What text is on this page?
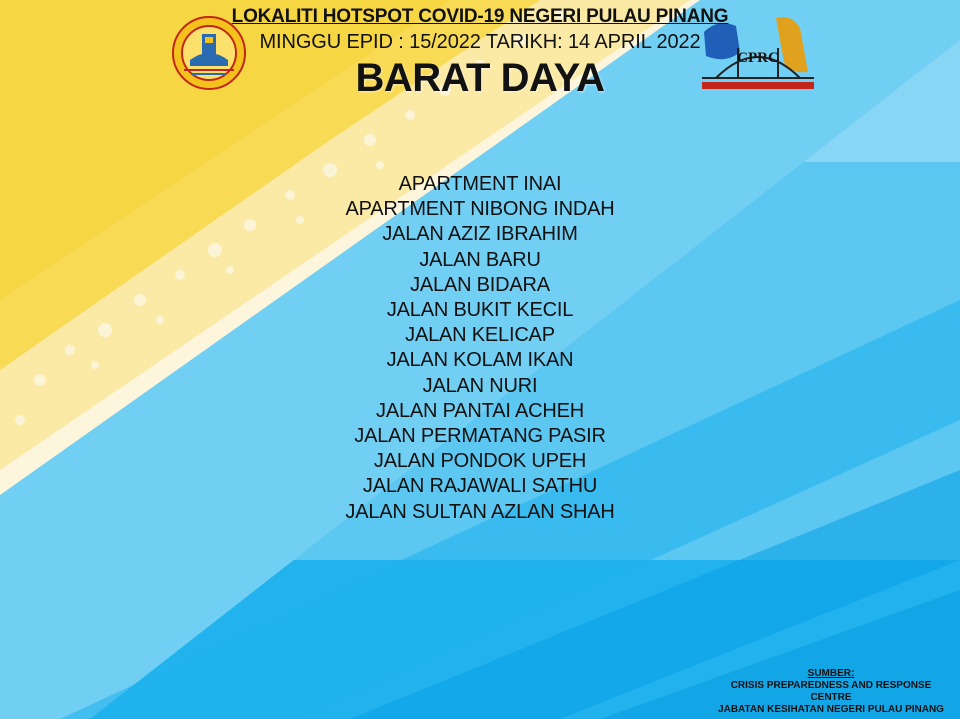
CPRC
LOKALITI HOTSPOT COVID-19 NEGERI PULAU PINANG
MINGGU EPID : 15/2022 TARIKH: 14 APRIL 2022
BARAT DAYA
APARTMENT INAI
APARTMENT NIBONG INDAH
JALAN AZIZ IBRAHIM
JALAN BARU
JALAN BIDARA
JALAN BUKIT KECIL
JALAN KELICAP
JALAN KOLAM IKAN
JALAN NURI
JALAN PANTAI ACHEH
JALAN PERMATANG PASIR
JALAN PONDOK UPEH
JALAN RAJAWALI SATHU
JALAN SULTAN AZLAN SHAH
SUMBER:
CRISIS PREPAREDNESS AND RESPONSE
CENTRE
JABATAN KESIHATAN NEGERI PULAU PINANG
